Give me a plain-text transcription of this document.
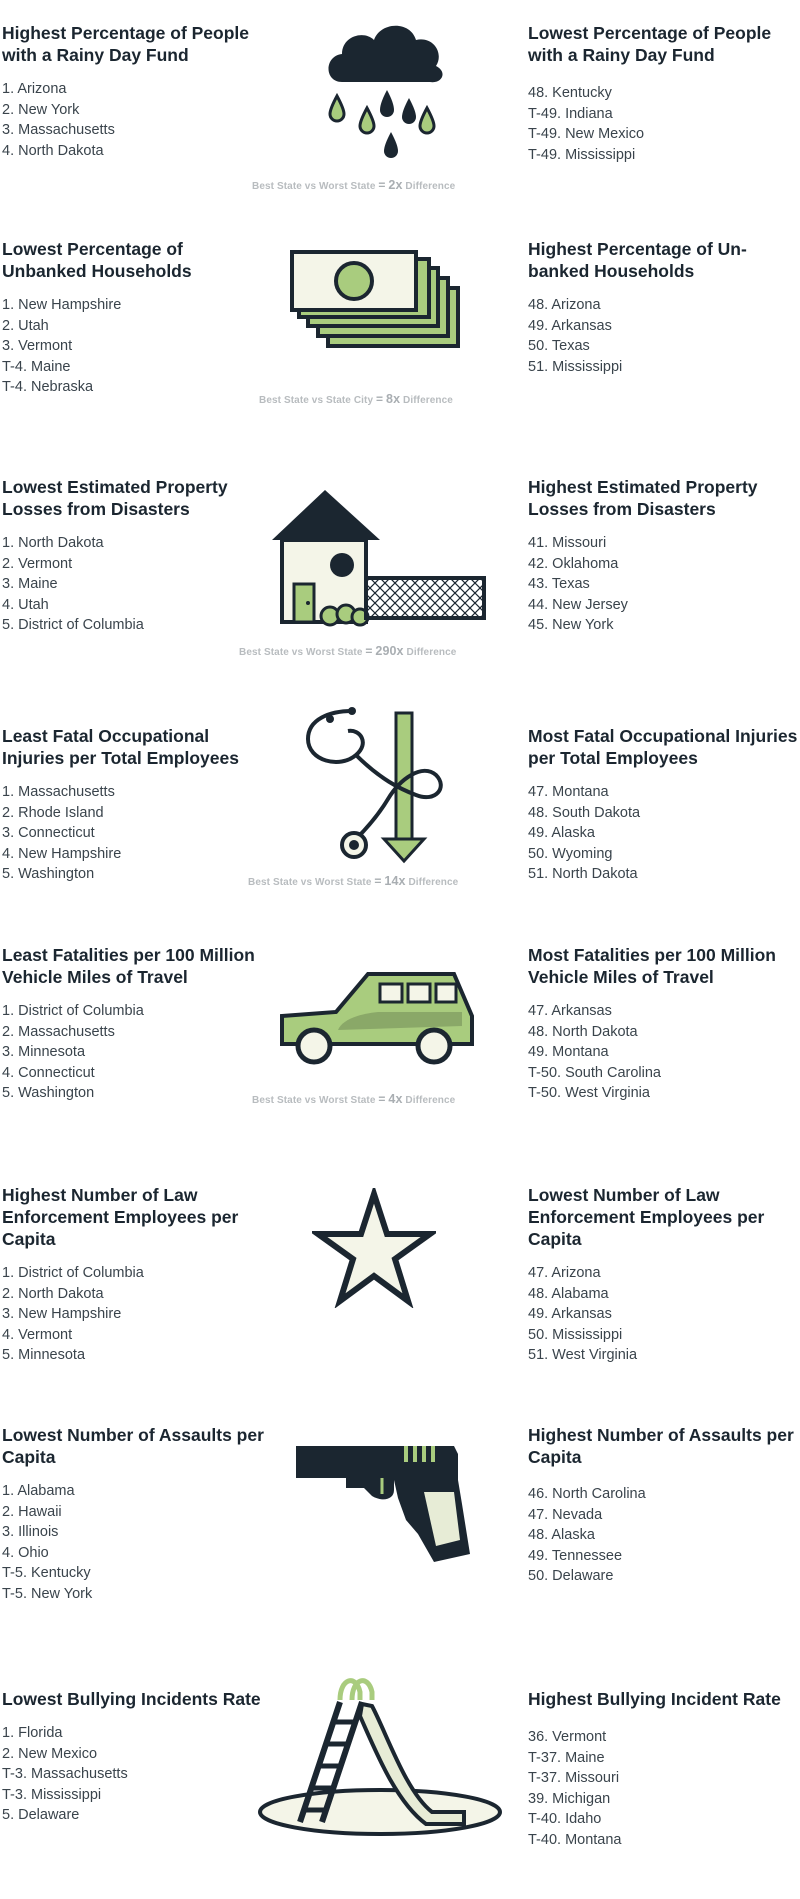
Highest Percentage of People with a Rainy Day Fund
1. Arizona
2. New York
3. Massachusetts
4. North Dakota
Lowest Percentage of People with a Rainy Day Fund
48. Kentucky
T-49. Indiana
T-49. New Mexico
T-49. Mississippi
Best State vs Worst State = 2x Difference
Lowest Percentage of Unbanked Households
1. New Hampshire
2. Utah
3. Vermont
T-4. Maine
T-4. Nebraska
Highest Percentage of Un-banked Households
48. Arizona
49. Arkansas
50. Texas
51. Mississippi
Best State vs State City = 8x Difference
Lowest Estimated Property Losses from Disasters
1. North Dakota
2. Vermont
3. Maine
4. Utah
5. District of Columbia
Highest Estimated Property Losses from Disasters
41. Missouri
42. Oklahoma
43. Texas
44. New Jersey
45. New York
Best State vs Worst State = 290x Difference
Least Fatal Occupational Injuries per Total Employees
1. Massachusetts
2. Rhode Island
3. Connecticut
4. New Hampshire
5. Washington
Most Fatal Occupational Injuries per Total Employees
47. Montana
48. South Dakota
49. Alaska
50. Wyoming
51. North Dakota
Best State vs Worst State = 14x Difference
Least Fatalities per 100 Million Vehicle Miles of Travel
1. District of Columbia
2. Massachusetts
3. Minnesota
4. Connecticut
5. Washington
Most Fatalities per 100 Million Vehicle Miles of Travel
47. Arkansas
48. North Dakota
49. Montana
T-50. South Carolina
T-50. West Virginia
Best State vs Worst State = 4x Difference
Highest Number of Law Enforcement Employees per Capita
1. District of Columbia
2. North Dakota
3. New Hampshire
4. Vermont
5. Minnesota
Lowest Number of Law Enforcement Employees per Capita
47. Arizona
48. Alabama
49. Arkansas
50. Mississippi
51. West Virginia
Lowest Number of Assaults per Capita
1. Alabama
2. Hawaii
3. Illinois
4. Ohio
T-5. Kentucky
T-5. New York
Highest Number of Assaults per Capita
46. North Carolina
47. Nevada
48. Alaska
49. Tennessee
50. Delaware
Lowest Bullying Incidents Rate
1. Florida
2. New Mexico
T-3. Massachusetts
T-3. Mississippi
5. Delaware
Highest Bullying Incident Rate
36. Vermont
T-37. Maine
T-37. Missouri
39. Michigan
T-40. Idaho
T-40. Montana
